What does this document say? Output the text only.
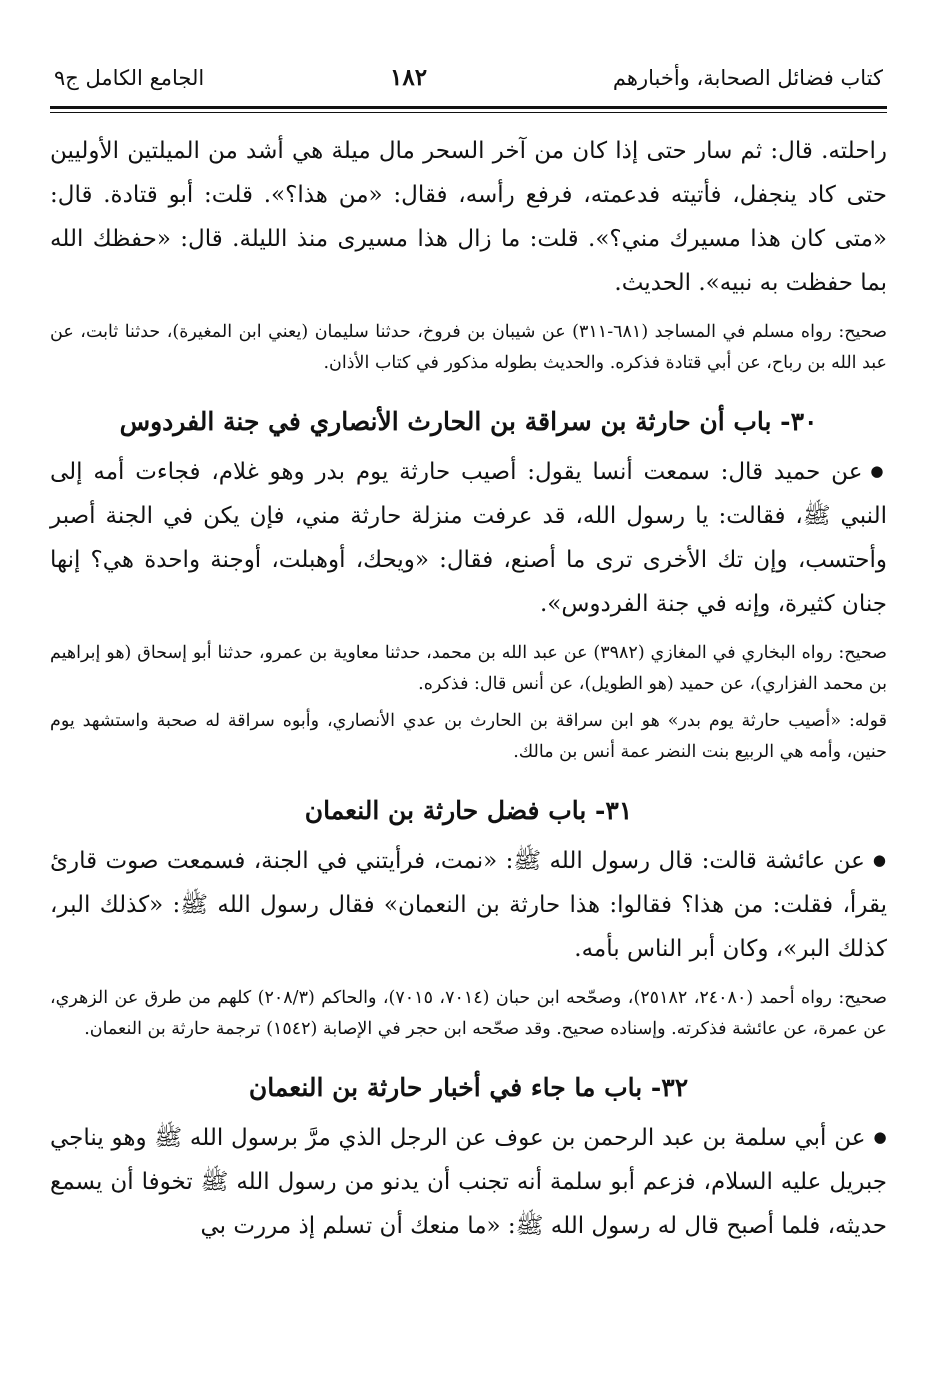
كتاب فضائل الصحابة، وأخبارهم
١٨٢
الجامع الكامل ج٩

راحلته. قال: ثم سار حتى إذا كان من آخر السحر مال ميلة هي أشد من الميلتين الأوليين حتى كاد ينجفل، فأتيته فدعمته، فرفع رأسه، فقال: «من هذا؟». قلت: أبو قتادة. قال: «متى كان هذا مسيرك مني؟». قلت: ما زال هذا مسيرى منذ الليلة. قال: «حفظك الله بما حفظت به نبيه». الحديث.

صحيح: رواه مسلم في المساجد (٦٨١-٣١١) عن شيبان بن فروخ، حدثنا سليمان (يعني ابن المغيرة)، حدثنا ثابت، عن عبد الله بن رباح، عن أبي قتادة فذكره. والحديث بطوله مذكور في كتاب الأذان.

٣٠- باب أن حارثة بن سراقة بن الحارث الأنصاري في جنة الفردوس

● عن حميد قال: سمعت أنسا يقول: أصيب حارثة يوم بدر وهو غلام، فجاءت أمه إلى النبي ﷺ، فقالت: يا رسول الله، قد عرفت منزلة حارثة مني، فإن يكن في الجنة أصبر وأحتسب، وإن تك الأخرى ترى ما أصنع، فقال: «ويحك، أوهبلت، أوجنة واحدة هي؟ إنها جنان كثيرة، وإنه في جنة الفردوس».

صحيح: رواه البخاري في المغازي (٣٩٨٢) عن عبد الله بن محمد، حدثنا معاوية بن عمرو، حدثنا أبو إسحاق (هو إبراهيم بن محمد الفزاري)، عن حميد (هو الطويل)، عن أنس قال: فذكره.

قوله: «أصيب حارثة يوم بدر» هو ابن سراقة بن الحارث بن عدي الأنصاري، وأبوه سراقة له صحبة واستشهد يوم حنين، وأمه هي الربيع بنت النضر عمة أنس بن مالك.

٣١- باب فضل حارثة بن النعمان

● عن عائشة قالت: قال رسول الله ﷺ: «نمت، فرأيتني في الجنة، فسمعت صوت قارئ يقرأ، فقلت: من هذا؟ فقالوا: هذا حارثة بن النعمان» فقال رسول الله ﷺ: «كذلك البر، كذلك البر»، وكان أبر الناس بأمه.

صحيح: رواه أحمد (٢٤٠٨٠، ٢٥١٨٢)، وصحّحه ابن حبان (٧٠١٤، ٧٠١٥)، والحاكم (٢٠٨/٣) كلهم من طرق عن الزهري، عن عمرة، عن عائشة فذكرته. وإسناده صحيح. وقد صحّحه ابن حجر في الإصابة (١٥٤٢) ترجمة حارثة بن النعمان.

٣٢- باب ما جاء في أخبار حارثة بن النعمان

● عن أبي سلمة بن عبد الرحمن بن عوف عن الرجل الذي مرَّ برسول الله ﷺ وهو يناجي جبريل عليه السلام، فزعم أبو سلمة أنه تجنب أن يدنو من رسول الله ﷺ تخوفا أن يسمع حديثه، فلما أصبح قال له رسول الله ﷺ: «ما منعك أن تسلم إذ مررت بي
